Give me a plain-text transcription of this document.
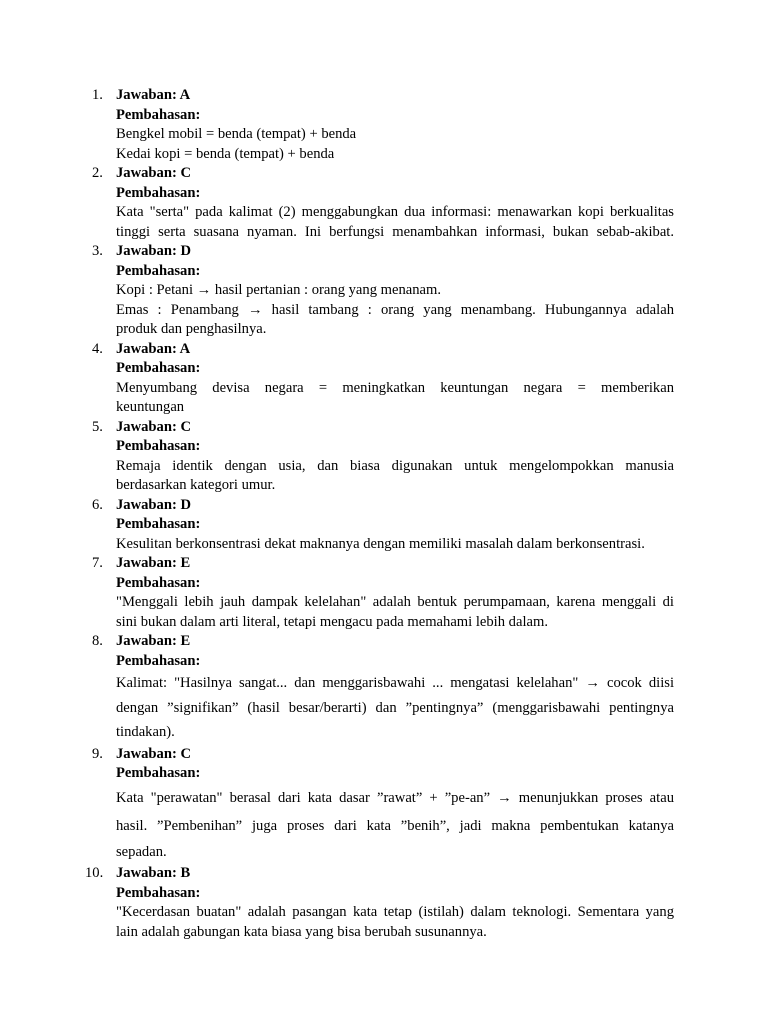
1. Jawaban: A
Pembahasan:
Bengkel mobil = benda (tempat) + benda
Kedai kopi = benda (tempat) + benda
2. Jawaban: C
Pembahasan:
Kata "serta" pada kalimat (2) menggabungkan dua informasi: menawarkan kopi berkualitas
tinggi serta suasana nyaman. Ini berfungsi menambahkan informasi, bukan sebab-akibat.
3. Jawaban: D
Pembahasan:
Kopi : Petani → hasil pertanian : orang yang menanam.
Emas : Penambang → hasil tambang : orang yang menambang. Hubungannya adalah
produk dan penghasilnya.
4. Jawaban: A
Pembahasan:
Menyumbang devisa negara = meningkatkan keuntungan negara = memberikan
keuntungan
5. Jawaban: C
Pembahasan:
Remaja identik dengan usia, dan biasa digunakan untuk mengelompokkan manusia
berdasarkan kategori umur.
6. Jawaban: D
Pembahasan:
Kesulitan berkonsentrasi dekat maknanya dengan memiliki masalah dalam berkonsentrasi.
7. Jawaban: E
Pembahasan:
"Menggali lebih jauh dampak kelelahan" adalah bentuk perumpamaan, karena menggali di
sini bukan dalam arti literal, tetapi mengacu pada memahami lebih dalam.
8. Jawaban: E
Pembahasan:
Kalimat: "Hasilnya sangat... dan menggarisbawahi ... mengatasi kelelahan" → cocok diisi
dengan ”signifikan” (hasil besar/berarti) dan ”pentingnya” (menggarisbawahi pentingnya
tindakan).
9. Jawaban: C
Pembahasan:
Kata "perawatan" berasal dari kata dasar ”rawat” + ”pe-an” → menunjukkan proses atau
hasil. ”Pembenihan” juga proses dari kata ”benih”, jadi makna pembentukan katanya
sepadan.
10. Jawaban: B
Pembahasan:
"Kecerdasan buatan" adalah pasangan kata tetap (istilah) dalam teknologi. Sementara yang
lain adalah gabungan kata biasa yang bisa berubah susunannya.
